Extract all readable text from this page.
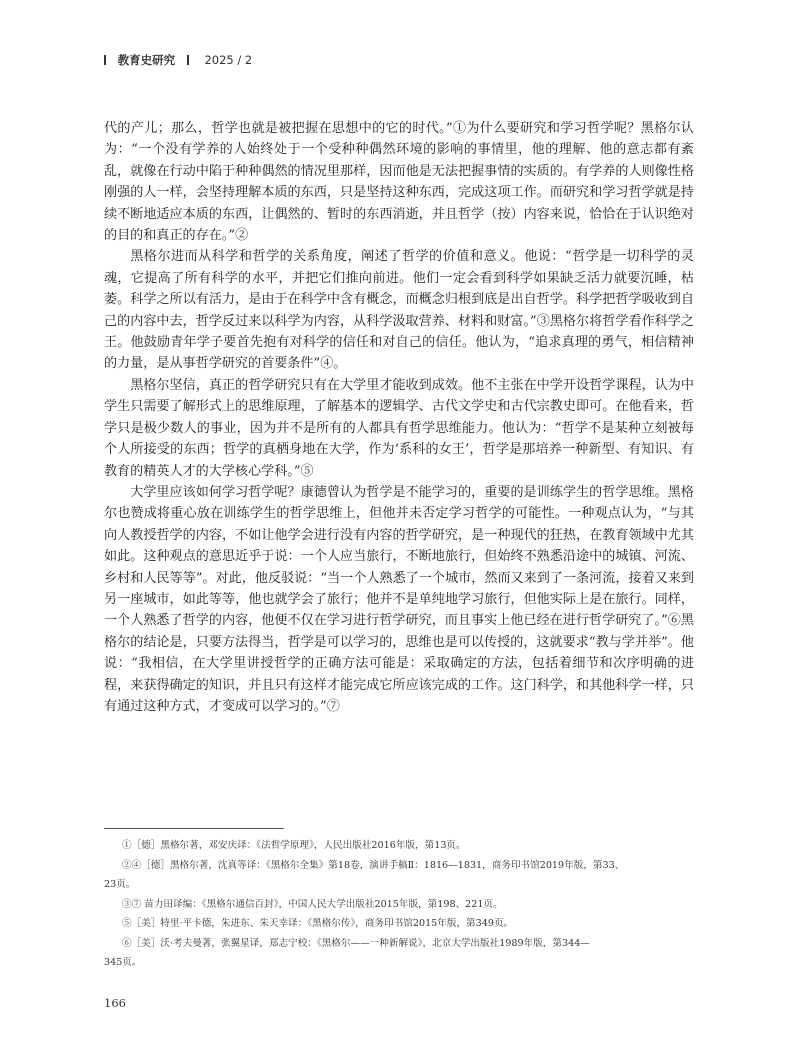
教育史研究	2025 / 2

代的产儿；那么，哲学也就是被把握在思想中的它的时代。”①为什么要研究和学习哲学呢？黑格尔认为：“一个没有学养的人始终处于一个受种种偶然环境的影响的事情里，他的理解、他的意志都有紊乱，就像在行动中陷于种种偶然的情况里那样，因而他是无法把握事情的实质的。有学养的人则像性格刚强的人一样，会坚持理解本质的东西，只是坚持这种东西，完成这项工作。而研究和学习哲学就是持续不断地适应本质的东西，让偶然的、暂时的东西消逝，并且哲学（按）内容来说，恰恰在于认识绝对的目的和真正的存在。”②

黑格尔进而从科学和哲学的关系角度，阐述了哲学的价值和意义。他说：“哲学是一切科学的灵魂，它提高了所有科学的水平，并把它们推向前进。他们一定会看到科学如果缺乏活力就要沉睡，枯萎。科学之所以有活力，是由于在科学中含有概念，而概念归根到底是出自哲学。科学把哲学吸收到自己的内容中去，哲学反过来以科学为内容，从科学汲取营养、材料和财富。”③黑格尔将哲学看作科学之王。他鼓励青年学子要首先抱有对科学的信任和对自己的信任。他认为，“追求真理的勇气，相信精神的力量，是从事哲学研究的首要条件”④。

黑格尔坚信，真正的哲学研究只有在大学里才能收到成效。他不主张在中学开设哲学课程，认为中学生只需要了解形式上的思维原理，了解基本的逻辑学、古代文学史和古代宗教史即可。在他看来，哲学只是极少数人的事业，因为并不是所有的人都具有哲学思维能力。他认为：“哲学不是某种立刻被每个人所接受的东西；哲学的真栖身地在大学，作为‘系科的女王’，哲学是那培养一种新型、有知识、有教育的精英人才的大学核心学科。”⑤

大学里应该如何学习哲学呢？康德曾认为哲学是不能学习的，重要的是训练学生的哲学思维。黑格尔也赞成将重心放在训练学生的哲学思维上，但他并未否定学习哲学的可能性。一种观点认为，“与其向人教授哲学的内容，不如让他学会进行没有内容的哲学研究，是一种现代的狂热，在教育领域中尤其如此。这种观点的意思近乎于说：一个人应当旅行，不断地旅行，但始终不熟悉沿途中的城镇、河流、乡村和人民等等”。对此，他反驳说：“当一个人熟悉了一个城市，然而又来到了一条河流，接着又来到另一座城市，如此等等，他也就学会了旅行；他并不是单纯地学习旅行，但他实际上是在旅行。同样，一个人熟悉了哲学的内容，他便不仅在学习进行哲学研究，而且事实上他已经在进行哲学研究了。”⑥黑格尔的结论是，只要方法得当，哲学是可以学习的，思维也是可以传授的，这就要求“教与学并举”。他说：“我相信，在大学里讲授哲学的正确方法可能是：采取确定的方法，包括着细节和次序明确的进程，来获得确定的知识，并且只有这样才能完成它所应该完成的工作。这门科学，和其他科学一样，只有通过这种方式，才变成可以学习的。”⑦

①［德］黑格尔著，邓安庆译：《法哲学原理》，人民出版社2016年版，第13页。
②④［德］黑格尔著，沈真等译：《黑格尔全集》第18卷，演讲手稿Ⅱ：1816—1831，商务印书馆2019年版，第33、
23页。
③⑦ 苗力田译编：《黑格尔通信百封》，中国人民大学出版社2015年版，第198、221页。
⑤［美］特里·平卡德，朱进东、朱天幸译：《黑格尔传》，商务印书馆2015年版，第349页。
⑥［美］沃·考夫曼著，张翼星译，郑志宁校：《黑格尔——一种新解说》，北京大学出版社1989年版，第344—
345页。
166
